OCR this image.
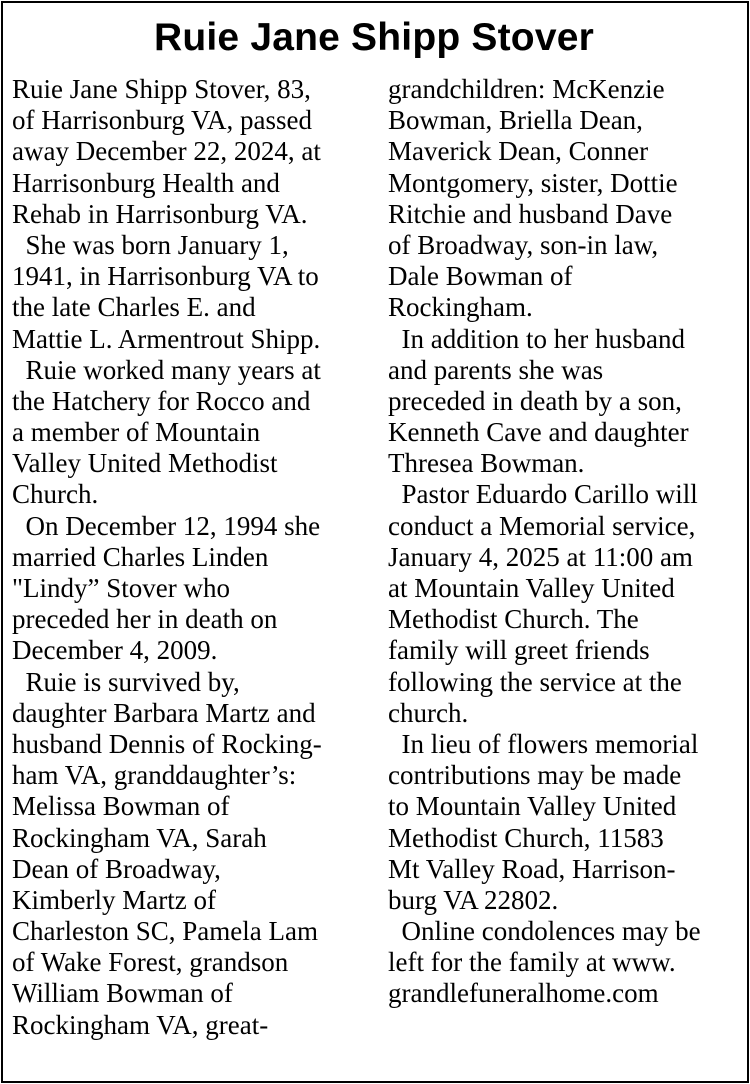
Ruie Jane Shipp Stover
Ruie Jane Shipp Stover, 83,
of Harrisonburg VA, passed
away December 22, 2024, at
Harrisonburg Health and
Rehab in Harrisonburg VA.
She was born January 1,
1941, in Harrisonburg VA to
the late Charles E. and
Mattie L. Armentrout Shipp.
Ruie worked many years at
the Hatchery for Rocco and
a member of Mountain
Valley United Methodist
Church.
On December 12, 1994 she
married Charles Linden
"Lindy” Stover who
preceded her in death on
December 4, 2009.
Ruie is survived by,
daughter Barbara Martz and
husband Dennis of Rocking-
ham VA, granddaughter’s:
Melissa Bowman of
Rockingham VA, Sarah
Dean of Broadway,
Kimberly Martz of
Charleston SC, Pamela Lam
of Wake Forest, grandson
William Bowman of
Rockingham VA, great-
grandchildren: McKenzie
Bowman, Briella Dean,
Maverick Dean, Conner
Montgomery, sister, Dottie
Ritchie and husband Dave
of Broadway, son-in law,
Dale Bowman of
Rockingham.
In addition to her husband
and parents she was
preceded in death by a son,
Kenneth Cave and daughter
Thresea Bowman.
Pastor Eduardo Carillo will
conduct a Memorial service,
January 4, 2025 at 11:00 am
at Mountain Valley United
Methodist Church. The
family will greet friends
following the service at the
church.
In lieu of flowers memorial
contributions may be made
to Mountain Valley United
Methodist Church, 11583
Mt Valley Road, Harrison-
burg VA 22802.
Online condolences may be
left for the family at www.
grandlefuneralhome.com
